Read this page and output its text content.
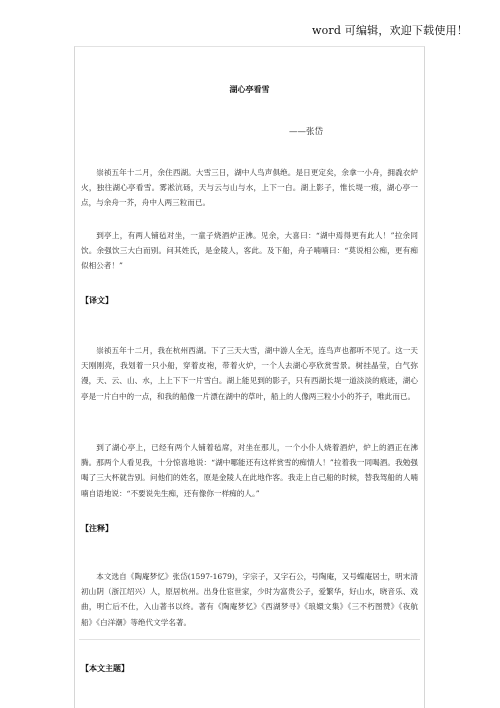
word 可编辑，欢迎下载使用！
湖心亭看雪
——张岱
崇祯五年十二月，余住西湖。大雪三日，湖中人鸟声俱绝。是日更定矣，余拿一小舟，拥毳衣炉火，独往湖心亭看雪。雾凇沆砀，天与云与山与水，上下一白。湖上影子，惟长堤一痕，湖心亭一点，与余舟一芥，舟中人两三粒而已。
到亭上，有两人铺毡对坐，一童子烧酒炉正沸。见余，大喜曰：“湖中焉得更有此人！”拉余同饮。余强饮三大白而别。问其姓氏，是金陵人，客此。及下船，舟子喃喃曰：“莫说相公痴，更有痴似相公者！”
【译文】
崇祯五年十二月，我在杭州西湖。下了三天大雪，湖中游人全无，连鸟声也都听不见了。这一天天刚刚亮，我划着一只小船，穿着皮袍，带着火炉，一个人去湖心亭欣赏雪景。树挂晶莹，白气弥漫，天、云、山、水，上上下下一片雪白。湖上能见到的影子，只有西湖长堤一道淡淡的痕迹，湖心亭是一片白中的一点，和我的船像一片漂在湖中的草叶，船上的人像两三粒小小的芥子，唯此而已。
到了湖心亭上，已经有两个人铺着毡席，对坐在那儿，一个小仆人烧着酒炉，炉上的酒正在沸腾。那两个人看见我，十分惊喜地说：“湖中哪能还有这样赏雪的痴情人！”拉着我一同喝酒。我勉强喝了三大杯就告别。问他们的姓名，原是金陵人在此地作客。我走上自己船的时候，替我驾船的人喃喃自语地说：“不要说先生痴，还有像你一样痴的人。”
【注释】
本文选自《陶庵梦忆》张岱(1597-1679)，字宗子，又字石公，号陶庵，又号蝶庵居士，明末清初山阴（浙江绍兴）人，原居杭州。出身仕宦世家，少时为富贵公子，爱繁华，好山水，晓音乐、戏曲，明亡后不仕，入山著书以终。著有《陶庵梦忆》《西湖梦寻》《琅嬛文集》《三不朽图赞》《夜航船》《白洋潮》等绝代文学名著。
【本文主题】
